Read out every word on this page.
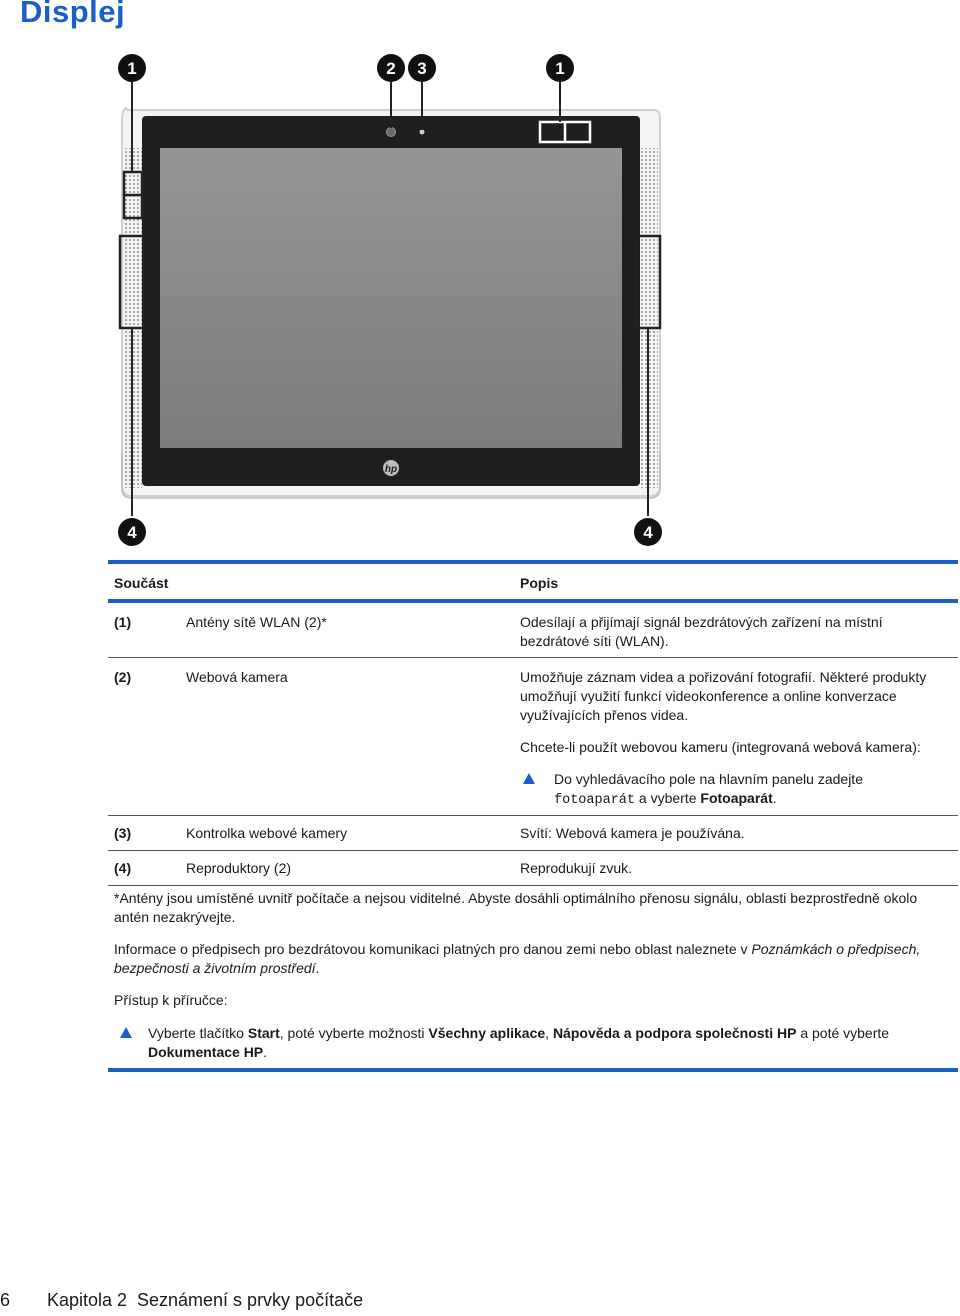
Displej
hp
1	2 3	1
4	4
Součást	Popis
(1)	Antény sítě WLAN (2)*	Odesílají a přijímají signál bezdrátových zařízení na místní
bezdrátové síti (WLAN).
(2)	Webová kamera	Umožňuje záznam videa a pořizování fotografií. Některé produkty
umožňují využití funkcí videokonference a online konverzace
využívajících přenos videa.
Chcete-li použít webovou kameru (integrovaná webová kamera):
Do vyhledávacího pole na hlavním panelu zadejte
fotoaparát a vyberte Fotoaparát.
(3)	Kontrolka webové kamery	Svítí: Webová kamera je používána.
(4)	Reproduktory (2)	Reprodukují zvuk.
*Antény jsou umístěné uvnitř počítače a nejsou viditelné. Abyste dosáhli optimálního přenosu signálu, oblasti bezprostředně okolo
antén nezakrývejte.
Informace o předpisech pro bezdrátovou komunikaci platných pro danou zemi nebo oblast naleznete v Poznámkách o předpisech,
bezpečnosti a životním prostředí.
Přístup k příručce:
Vyberte tlačítko Start, poté vyberte možnosti Všechny aplikace, Nápověda a podpora společnosti HP a poté vyberte
Dokumentace HP.
6 Kapitola 2 Seznámení s prvky počítače
